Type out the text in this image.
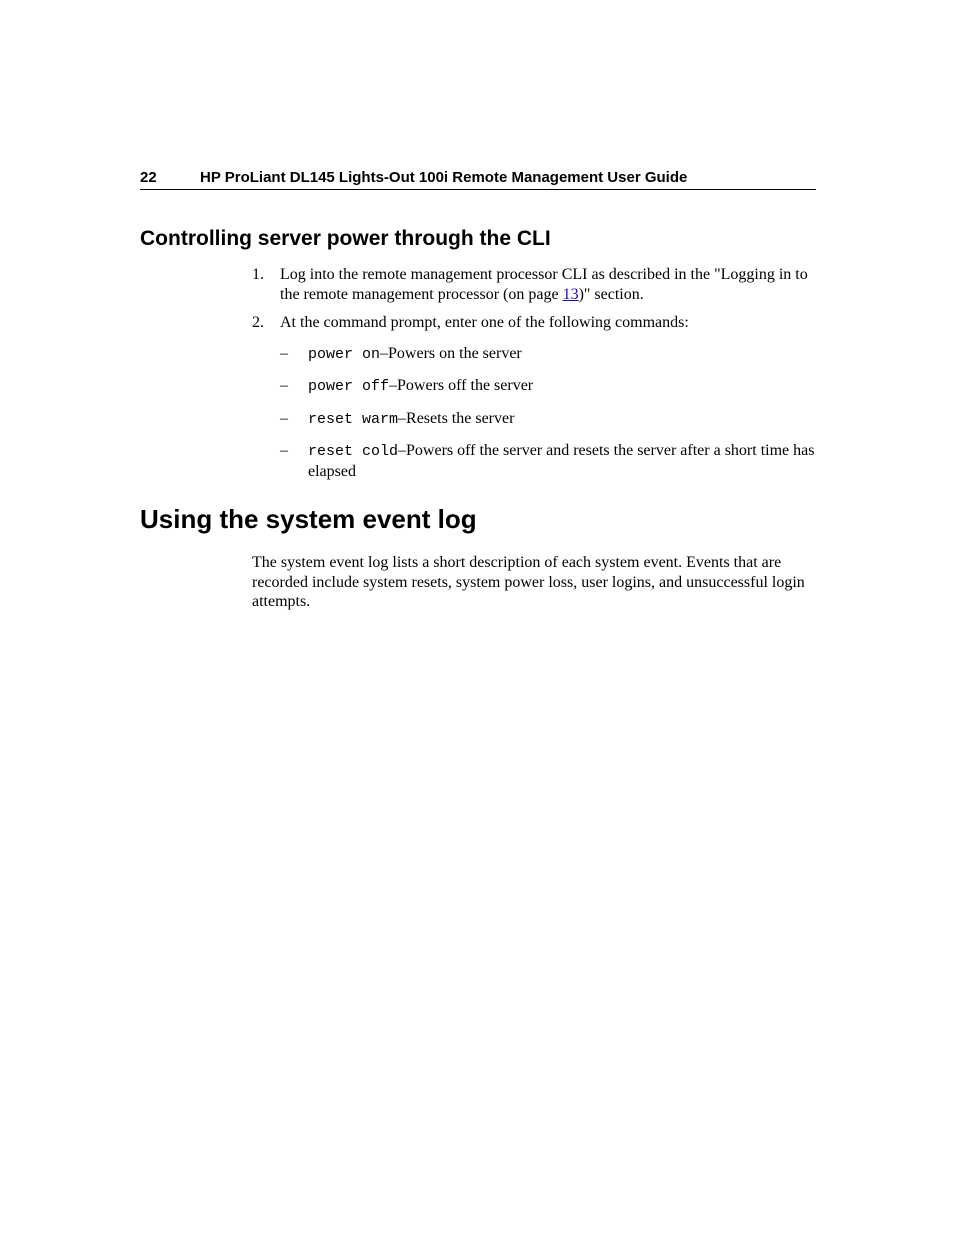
22	HP ProLiant DL145 Lights-Out 100i Remote Management User Guide
Controlling server power through the CLI
1. Log into the remote management processor CLI as described in the "Logging in to the remote management processor (on page 13)" section.
2. At the command prompt, enter one of the following commands:
– power on–Powers on the server
– power off–Powers off the server
– reset warm–Resets the server
– reset cold–Powers off the server and resets the server after a short time has elapsed
Using the system event log

The system event log lists a short description of each system event. Events that are recorded include system resets, system power loss, user logins, and unsuccessful login attempts.
